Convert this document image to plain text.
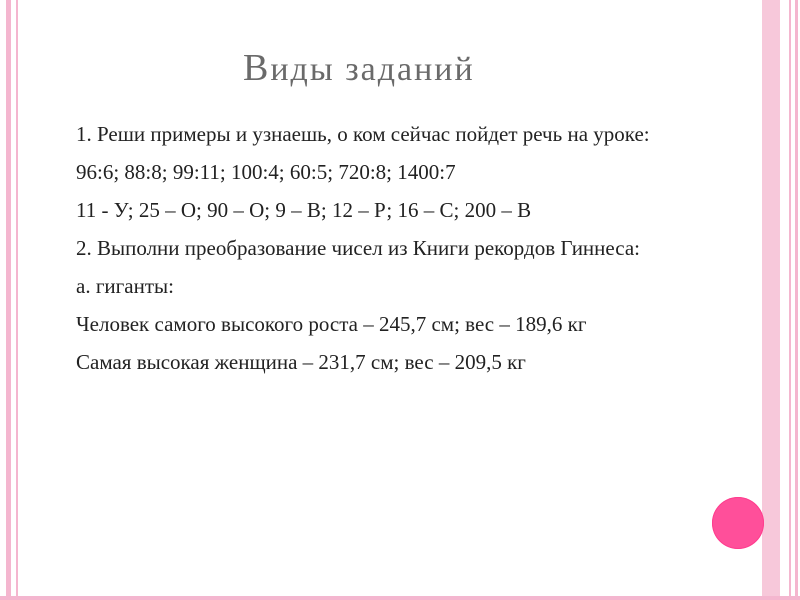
Виды заданий

1. Реши примеры и узнаешь, о ком сейчас пойдет речь на уроке:

96:6; 88:8; 99:11; 100:4; 60:5; 720:8; 1400:7

11 - У; 25 – О; 90 – О; 9 – В; 12 – Р; 16 – С; 200 – В

2. Выполни преобразование чисел из Книги рекордов Гиннеса:

а. гиганты:

Человек самого высокого роста – 245,7 см; вес – 189,6 кг

Самая высокая женщина – 231,7 см; вес – 209,5 кг
